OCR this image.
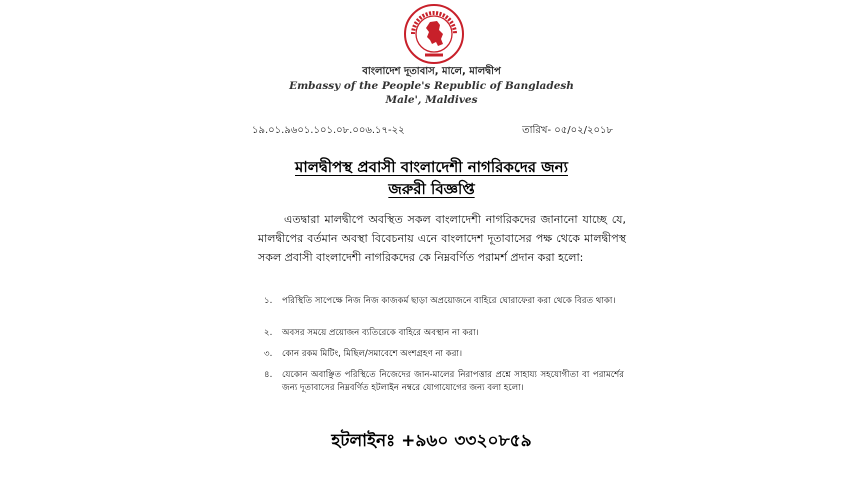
বাংলাদেশ দূতাবাস, মালে, মালদ্বীপ
Embassy of the People's Republic of Bangladesh
Male', Maldives
১৯.০১.৯৬০১.১০১.০৮.০০৬.১৭-২২	তারিখ- ০৫/০২/২০১৮
মালদ্বীপস্থ প্রবাসী বাংলাদেশী নাগরিকদের জন্য
জরুরী বিজ্ঞপ্তি

এতদ্বারা মালদ্বীপে অবস্থিত সকল বাংলাদেশী নাগরিকদের জানানো যাচ্ছে যে, মালদ্বীপের বর্তমান অবস্থা বিবেচনায় এনে বাংলাদেশ দূতাবাসের পক্ষ থেকে মালদ্বীপস্থ সকল প্রবাসী বাংলাদেশী নাগরিকদের কে নিম্নবর্ণিত পরামর্শ প্রদান করা হলো:

১.	পরিস্থিতি সাপেক্ষে নিজ নিজ কাজকর্ম ছাড়া অপ্রয়োজনে বাহিরে ঘোরাফেরা করা থেকে বিরত থাকা।
২.	অবসর সময়ে প্রয়োজন ব্যতিরেকে বাহিরে অবস্থান না করা।
৩.	কোন রকম মিটিং, মিছিল/সমাবেশে অংশগ্রহণ না করা।
৪.	যেকোন অবাঞ্ছিত পরিস্থিতে নিজেদের জান-মালের নিরাপত্তার প্রশ্নে সাহায্য সহযোগীতা বা পরামর্শের জন্য দূতাবাসের নিম্নবর্ণিত হটলাইন নম্বরে যোগাযোগের জন্য বলা হলো।
হটলাইনঃ +৯৬০ ৩৩২০৮৫৯
